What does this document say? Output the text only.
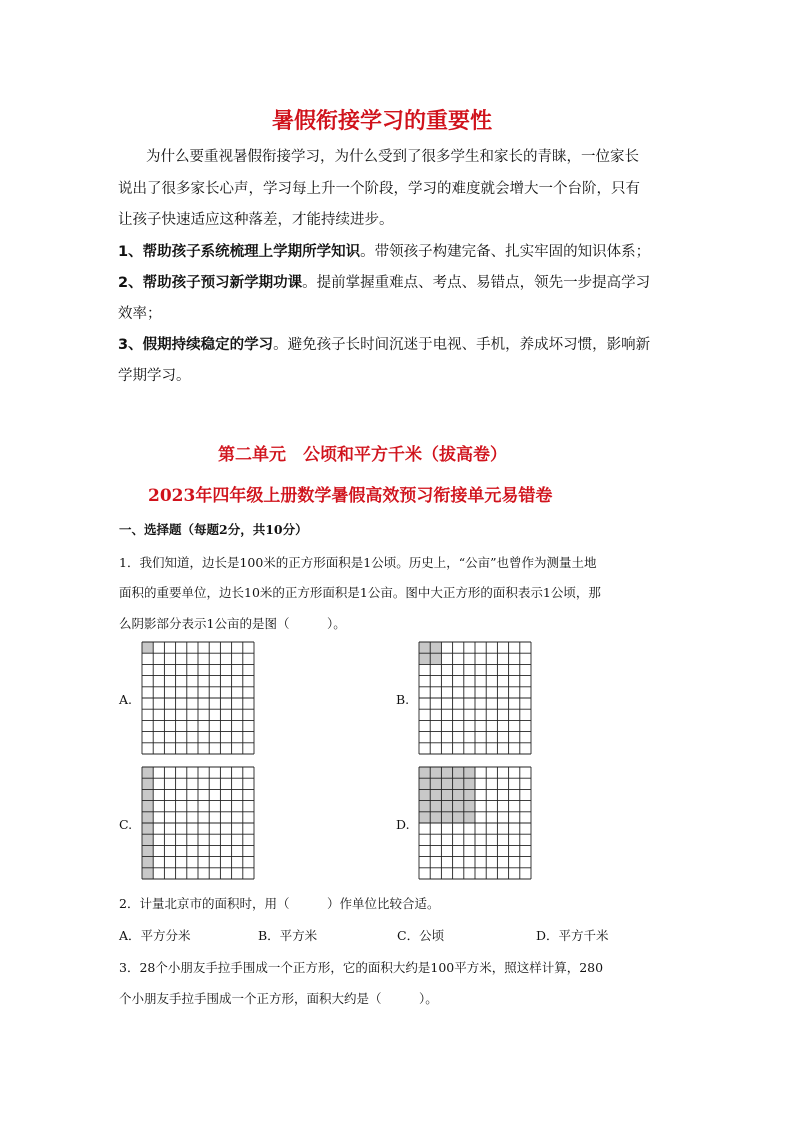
暑假衔接学习的重要性
为什么要重视暑假衔接学习，为什么受到了很多学生和家长的青睐，一位家长
说出了很多家长心声，学习每上升一个阶段，学习的难度就会增大一个台阶，只有
让孩子快速适应这种落差，才能持续进步。
1、帮助孩子系统梳理上学期所学知识。带领孩子构建完备、扎实牢固的知识体系；
2、帮助孩子预习新学期功课。提前掌握重难点、考点、易错点，领先一步提高学习
效率；
3、假期持续稳定的学习。避免孩子长时间沉迷于电视、手机，养成坏习惯，影响新
学期学习。
第二单元　公顷和平方千米（拔高卷）
2023年四年级上册数学暑假高效预习衔接单元易错卷
一、选择题（每题2分，共10分）
1．我们知道，边长是100米的正方形面积是1公顷。历史上，“公亩”也曾作为测量土地
面积的重要单位，边长10米的正方形面积是1公亩。图中大正方形的面积表示1公顷，那
么阴影部分表示1公亩的是图（　　　）。
A.	B.
C.	D.
2．计量北京市的面积时，用（　　　）作单位比较合适。
A．平方分米	B．平方米	C．公顷	D．平方千米
3．28个小朋友手拉手围成一个正方形，它的面积大约是100平方米，照这样计算，280
个小朋友手拉手围成一个正方形，面积大约是（　　　）。
